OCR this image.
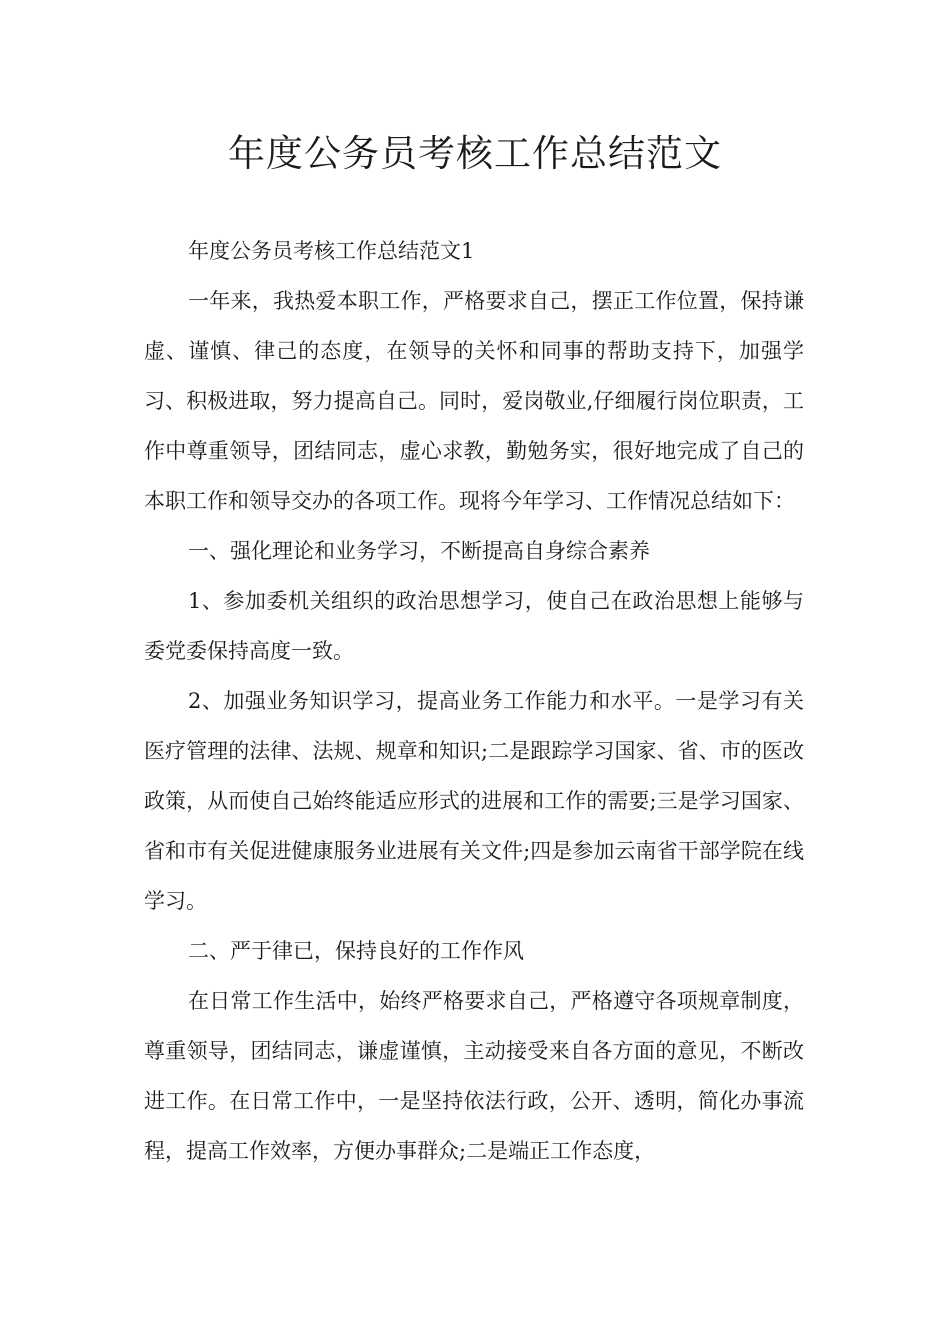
年度公务员考核工作总结范文

年度公务员考核工作总结范文1

一年来，我热爱本职工作，严格要求自己，摆正工作位置，保持谦虚、谨慎、律己的态度，在领导的关怀和同事的帮助支持下，加强学习、积极进取，努力提高自己。同时，爱岗敬业,仔细履行岗位职责，工作中尊重领导，团结同志，虚心求教，勤勉务实，很好地完成了自己的本职工作和领导交办的各项工作。现将今年学习、工作情况总结如下：

一、强化理论和业务学习，不断提高自身综合素养

1、参加委机关组织的政治思想学习，使自己在政治思想上能够与委党委保持高度一致。

2、加强业务知识学习，提高业务工作能力和水平。一是学习有关医疗管理的法律、法规、规章和知识;二是跟踪学习国家、省、市的医改政策，从而使自己始终能适应形式的进展和工作的需要;三是学习国家、省和市有关促进健康服务业进展有关文件;四是参加云南省干部学院在线学习。

二、严于律已，保持良好的工作作风

在日常工作生活中，始终严格要求自己，严格遵守各项规章制度，尊重领导，团结同志，谦虚谨慎，主动接受来自各方面的意见，不断改进工作。在日常工作中，一是坚持依法行政，公开、透明，简化办事流程，提高工作效率，方便办事群众;二是端正工作态度，
